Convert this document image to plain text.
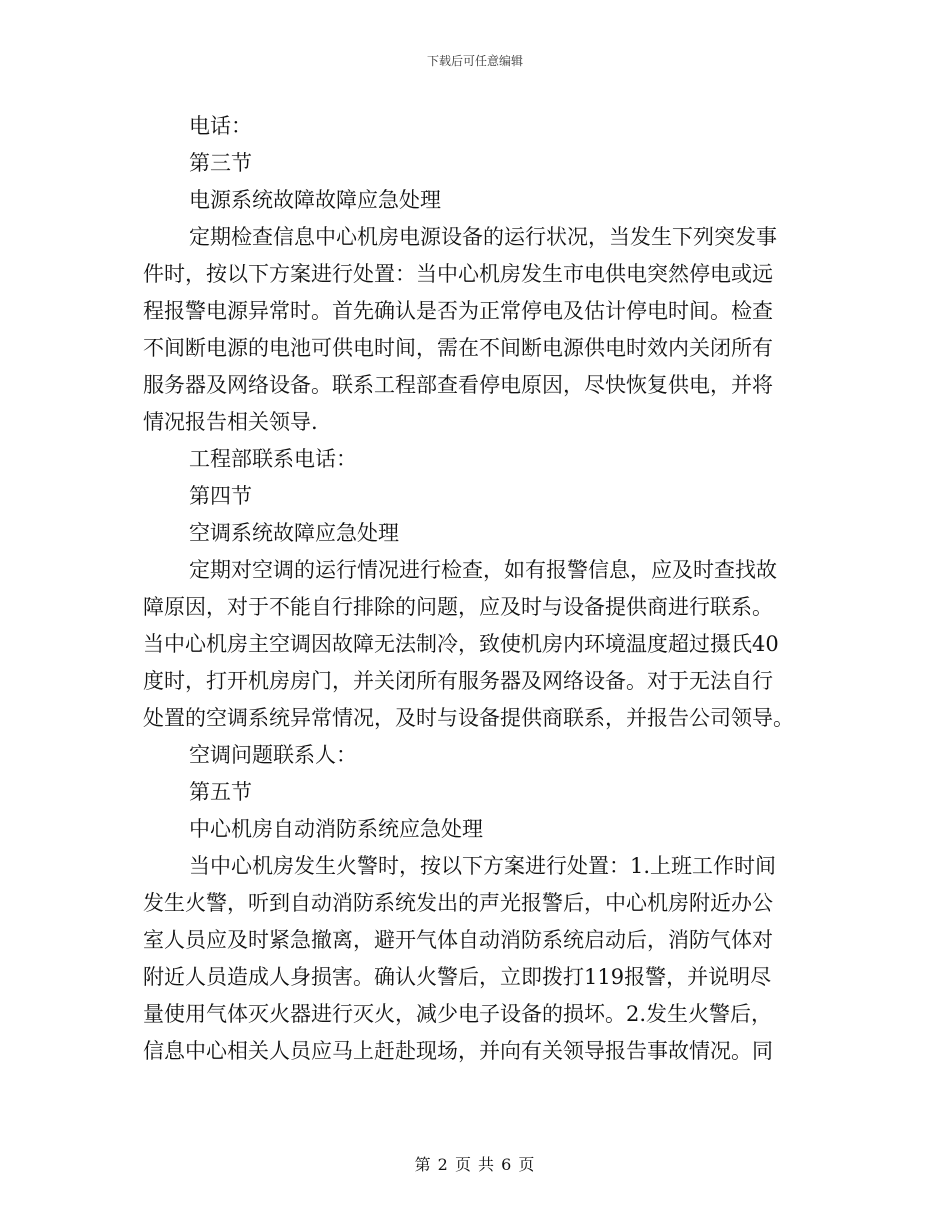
下载后可任意编辑
电话：
第三节
电源系统故障故障应急处理
定期检查信息中心机房电源设备的运行状况，当发生下列突发事
件时，按以下方案进行处置：当中心机房发生市电供电突然停电或远
程报警电源异常时。首先确认是否为正常停电及估计停电时间。检查
不间断电源的电池可供电时间，需在不间断电源供电时效内关闭所有
服务器及网络设备。联系工程部查看停电原因，尽快恢复供电，并将
情况报告相关领导.
工程部联系电话：
第四节
空调系统故障应急处理
定期对空调的运行情况进行检查，如有报警信息，应及时查找故
障原因，对于不能自行排除的问题，应及时与设备提供商进行联系。
当中心机房主空调因故障无法制冷，致使机房内环境温度超过摄氏40
度时，打开机房房门，并关闭所有服务器及网络设备。对于无法自行
处置的空调系统异常情况，及时与设备提供商联系，并报告公司领导。
空调问题联系人：
第五节
中心机房自动消防系统应急处理
当中心机房发生火警时，按以下方案进行处置：1.上班工作时间
发生火警，听到自动消防系统发出的声光报警后，中心机房附近办公
室人员应及时紧急撤离，避开气体自动消防系统启动后，消防气体对
附近人员造成人身损害。确认火警后，立即拨打119报警，并说明尽
量使用气体灭火器进行灭火，减少电子设备的损坏。2.发生火警后，
信息中心相关人员应马上赶赴现场，并向有关领导报告事故情况。同
第 2 页 共 6 页
